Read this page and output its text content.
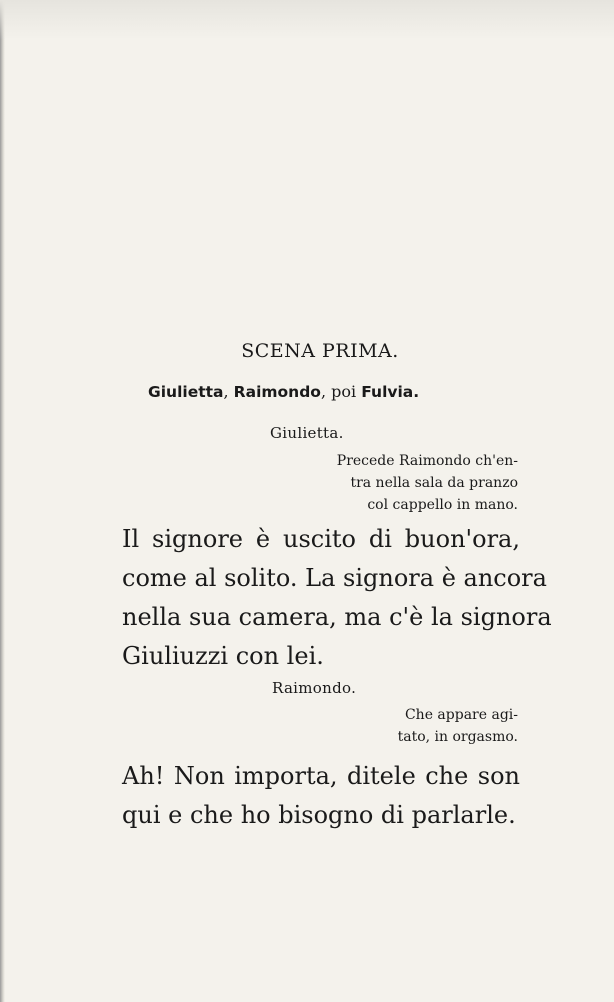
SCENA PRIMA.
Giulietta, Raimondo, poi Fulvia.
Giulietta.
Precede Raimondo ch'en-
tra nella sala da pranzo
col cappello in mano.
Il signore è uscito di buon'ora,
come al solito. La signora è ancora
nella sua camera, ma c'è la signora
Giuliuzzi con lei.
Raimondo.
Che appare agi-
tato, in orgasmo.
Ah! Non importa, ditele che son
qui e che ho bisogno di parlarle.
